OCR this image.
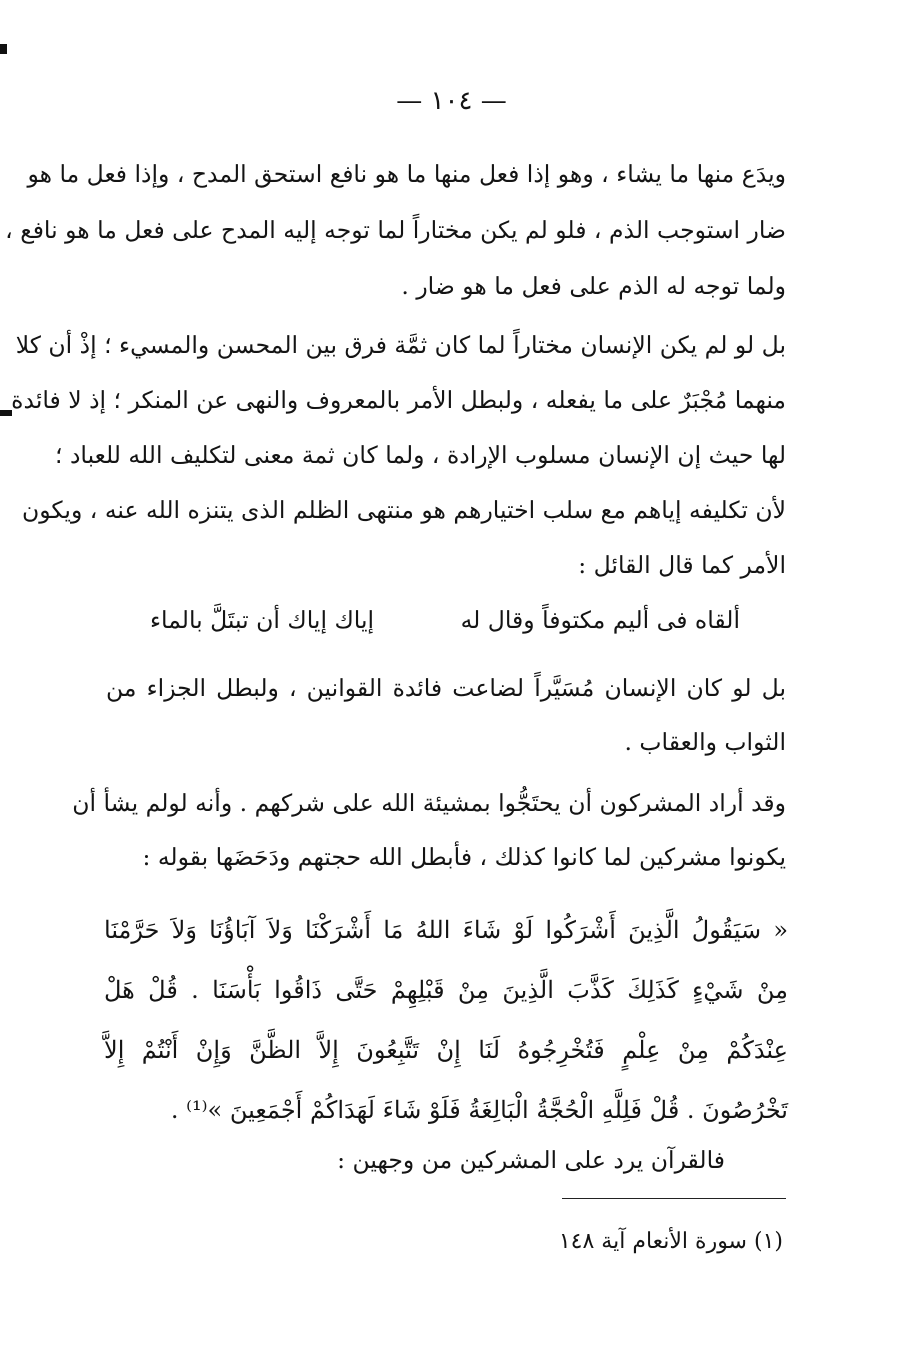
— ١٠٤ —
ويدَع منها ما يشاء ، وهو إذا فعل منها ما هو نافع استحق المدح ، وإذا فعل ما هو
ضار استوجب الذم ، فلو لم يكن مختاراً لما توجه إليه المدح على فعل ما هو نافع ،
ولما توجه له الذم على فعل ما هو ضار .
بل لو لم يكن الإنسان مختاراً لما كان ثمَّة فرق بين المحسن والمسيء ؛ إذْ أن كلا
منهما مُجْبَرٌ على ما يفعله ، ولبطل الأمر بالمعروف والنهى عن المنكر ؛ إذ لا فائدة
لها حيث إن الإنسان مسلوب الإرادة ، ولما كان ثمة معنى لتكليف الله للعباد ؛
لأن تكليفه إياهم مع سلب اختيارهم هو منتهى الظلم الذى يتنزه الله عنه ، ويكون
الأمر كما قال القائل :
ألقاه فى أليم مكتوفاً وقال له
إياك إياك أن تبتَلَّ بالماء
بل لو كان الإنسان مُسَيَّراً لضاعت فائدة القوانين ، ولبطل الجزاء من
الثواب والعقاب .
وقد أراد المشركون أن يحتَجُّوا بمشيئة الله على شركهم . وأنه لولم يشأ أن
يكونوا مشركين لما كانوا كذلك ، فأبطل الله حجتهم ودَحَضَها بقوله :
« سَيَقُولُ الَّذِينَ أَشْرَكُوا لَوْ شَاءَ اللهُ مَا أَشْرَكْنَا وَلاَ آبَاؤُنَا وَلاَ حَرَّمْنَا
مِنْ شَيْءٍ كَذَلِكَ كَذَّبَ الَّذِينَ مِنْ قَبْلِهِمْ حَتَّى ذَاقُوا بَأْسَنَا . قُلْ هَلْ
عِنْدَكُمْ مِنْ عِلْمٍ فَتُخْرِجُوهُ لَنَا إِنْ تَتَّبِعُونَ إِلاَّ الظَّنَّ وَإِنْ أَنْتُمْ إِلاَّ
تَخْرُصُونَ . قُلْ فَلِلَّهِ الْحُجَّةُ الْبَالِغَةُ فَلَوْ شَاءَ لَهَدَاكُمْ أَجْمَعِينَ »⁽¹⁾ .
فالقرآن يرد على المشركين من وجهين :
(١) سورة الأنعام آية ١٤٨
